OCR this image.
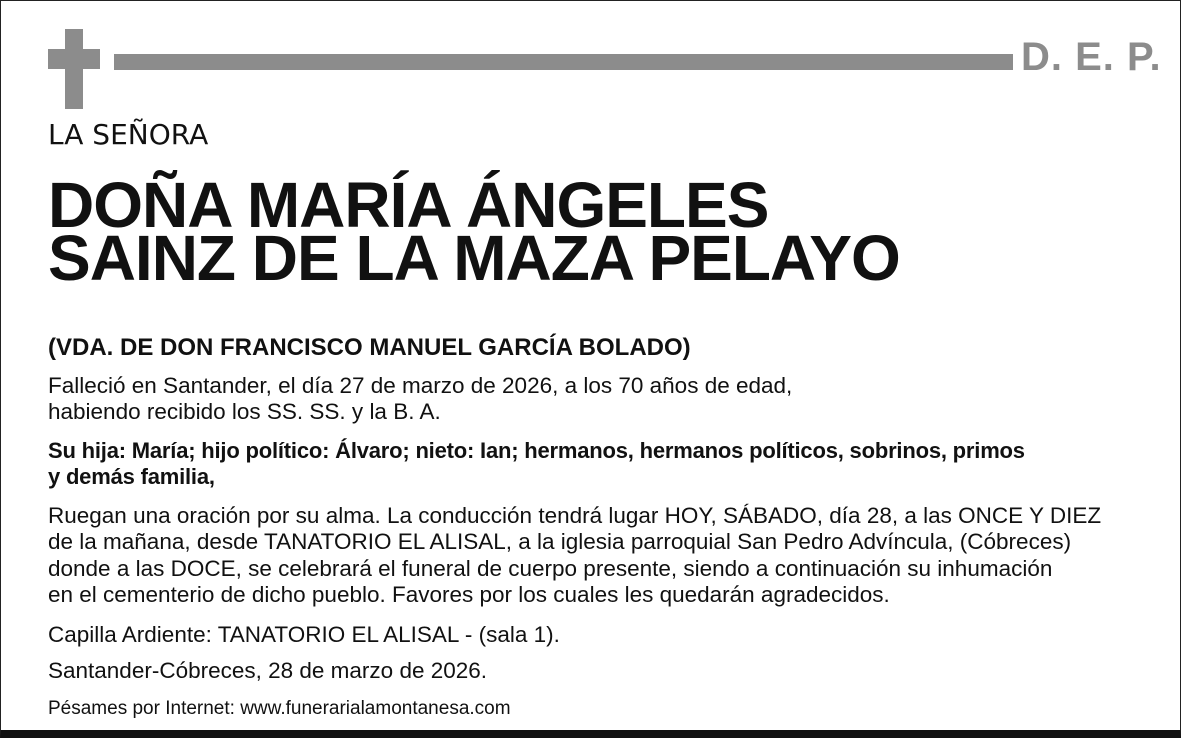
D. E. P.
LA SEÑORA
DOÑA MARÍA ÁNGELES
SAINZ DE LA MAZA PELAYO
(VDA. DE DON FRANCISCO MANUEL GARCÍA BOLADO)
Falleció en Santander, el día 27 de marzo de 2026, a los 70 años de edad,
habiendo recibido los SS. SS. y la B. A.
Su hija: María; hijo político: Álvaro; nieto: Ian; hermanos, hermanos políticos, sobrinos, primos
y demás familia,
Ruegan una oración por su alma. La conducción tendrá lugar HOY, SÁBADO, día 28, a las ONCE Y DIEZ
de la mañana, desde TANATORIO EL ALISAL, a la iglesia parroquial San Pedro Advíncula, (Cóbreces)
donde a las DOCE, se celebrará el funeral de cuerpo presente, siendo a continuación su inhumación
en el cementerio de dicho pueblo. Favores por los cuales les quedarán agradecidos.
Capilla Ardiente: TANATORIO EL ALISAL - (sala 1).
Santander-Cóbreces, 28 de marzo de 2026.
Pésames por Internet: www.funerarialamontanesa.com
